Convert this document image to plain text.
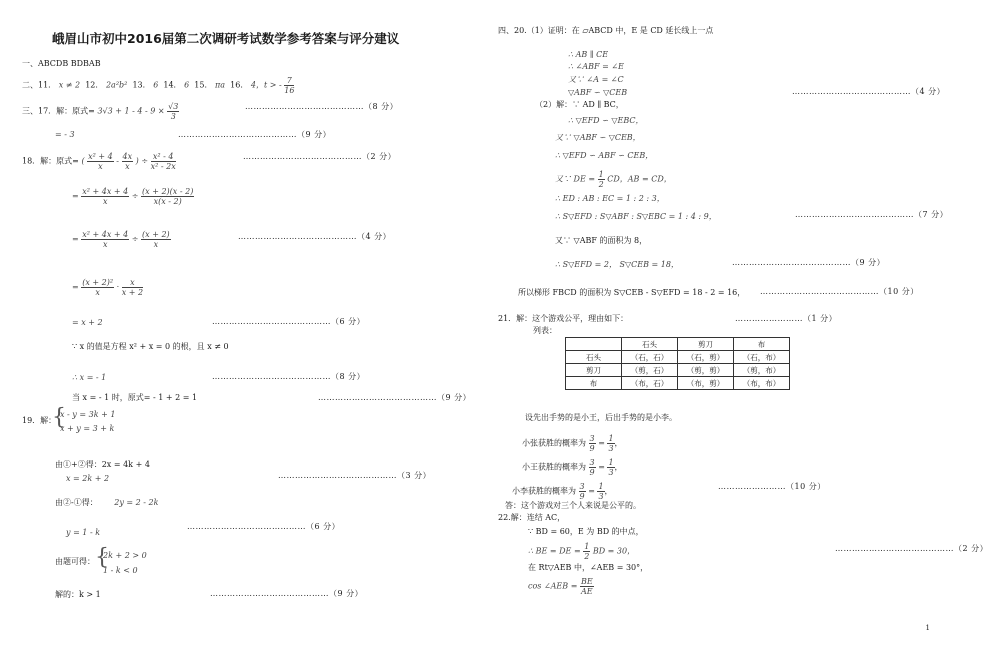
峨眉山市初中2016届第二次调研考试数学参考答案与评分建议
一、ABCDB BDBAB
二、11． x ≠ 2 12． 2a²b² 13． 6 14． 6 15． πa 16． 4，t > - $\frac{7}{16}$
三、17．解：原式= $3√3 + 1 - 4 - 9 \times \frac{√3}{3}$	……………………………………（8 分）
= - 3	……………………………………（9 分）
18．解：原式= ( $\frac{\text{x² + 4}}{x} - \frac{4x}{x}$ ) ÷ $\frac{\text{x² - 4}}{\text{x² - 2x}}$	……………………………………（2 分）
= $\frac{\text{x² + 4x + 4}}{x} \div \frac{(x + 2)(x - 2)}{x(x - 2)}$
= $\frac{\text{x² + 4x + 4}}{x} \div \frac{(x + 2)}{x}$	……………………………………（4 分）
= $\frac{\text{(x + 2)²}}{x} \cdot \frac{x}{x + 2}$
= x + 2	……………………………………（6 分）
∵ x 的值是方程 x² + x = 0 的根，且 x ≠ 0
∴ x = - 1	……………………………………（8 分）
当 x = - 1 时，原式= - 1 + 2 = 1	……………………………………（9 分）
19．解：
{
x - y = 3k + 1
x + y = 3 + k
由①+②得：2x = 4k + 4
x = 2k + 2	……………………………………（3 分）
由②-①得： 2y = 2 - 2k
y = 1 - k
……………………………………（6 分）
由题可得： {
2k + 2 > 0
1 - k < 0
解的：k > 1	……………………………………（9 分）
四、20.（1）证明：在 ▱ABCD 中，E 是 CD 延长线上一点
∴ AB ∥ CE
∴ ∠ABF = ∠E
又∵ ∠A = ∠C
▽ABF ∽ ▽CEB	……………………………………（4 分）
（2）解：∵ AD ∥ BC，
∴ ▽EFD ∽ ▽EBC，
又∵ ▽ABF ∽ ▽CEB，
∴ ▽EFD ∽ ABF ∽ CEB，
又∵ DE = $\frac{1}{2}$ CD，AB = CD，
∴ ED : AB : EC = 1 : 2 : 3，
∴ S▽EFD : S▽ABF : S▽EBC = 1 : 4 : 9，	……………………………………（7 分）
又∵ ▽ABF 的面积为 8，
∴ S▽EFD = 2， S▽CEB = 18，	……………………………………（9 分）
所以梯形 FBCD 的面积为 S▽CEB - S▽EFD = 18 - 2 = 16， ……………………………………（10 分）
21．解：这个游戏公平，理由如下：	……………………（1 分）
列表：
	石头	剪刀	布
石头	（石，石）	（石，剪）	（石，布）
剪刀	（剪，石）	（剪，剪）	（剪，布）
布	（布，石）	（布，剪）	（布，布）
设先出手势的是小王，后出手势的是小李。
小张获胜的概率为 $\frac{3}{9} = \frac{1}{3}$ ，
小王获胜的概率为 $\frac{3}{9} = \frac{1}{3}$ ，
小李获胜的概率为 $\frac{3}{9} = \frac{1}{3}$ ，	……………………（10 分）
答：这个游戏对三个人来说是公平的。
22.解：连结 AC，
∵ BD = 60，E 为 BD 的中点，
∴ BE = DE = $\frac{1}{2}$ BD = 30，	……………………………………（2 分）
在 Rt▽AEB 中，∠AEB = 30°，
cos ∠AEB = $\frac{BE}{AE}$
1
